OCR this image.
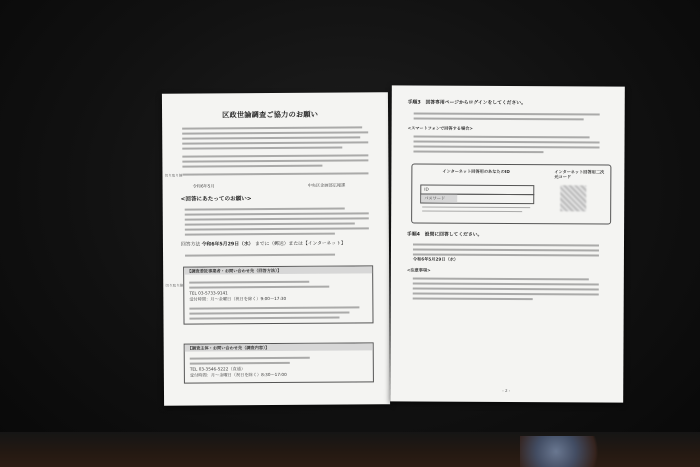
区政世論調査ご協力のお願い
令和6年5月	中央区企画部広報課
<回答にあたってのお願い>
回答方法 令和6年5月29日（水） までに（郵送）または【インターネット】
【調査委託事業者・お問い合わせ先（回答方法）】
TEL 03-5733-9141
受付時間：月～金曜日（祝日を除く）9:00～17:30
【調査主体・お問い合わせ先（調査内容）】
TEL 03-3546-5222（直通）
受付時間：月～金曜日（祝日を除く）8:30～17:00
切り取り線
切り取り線
手順3　回答専用ページからログインをしてください。
<スマートフォンで回答する場合>
インターネット回答用のあなたのID	インターネット回答用二次元コード
ID
パスワード
手順4　設問に回答してください。
令和6年5月29日（水）
<注意事項>
- 2 -
